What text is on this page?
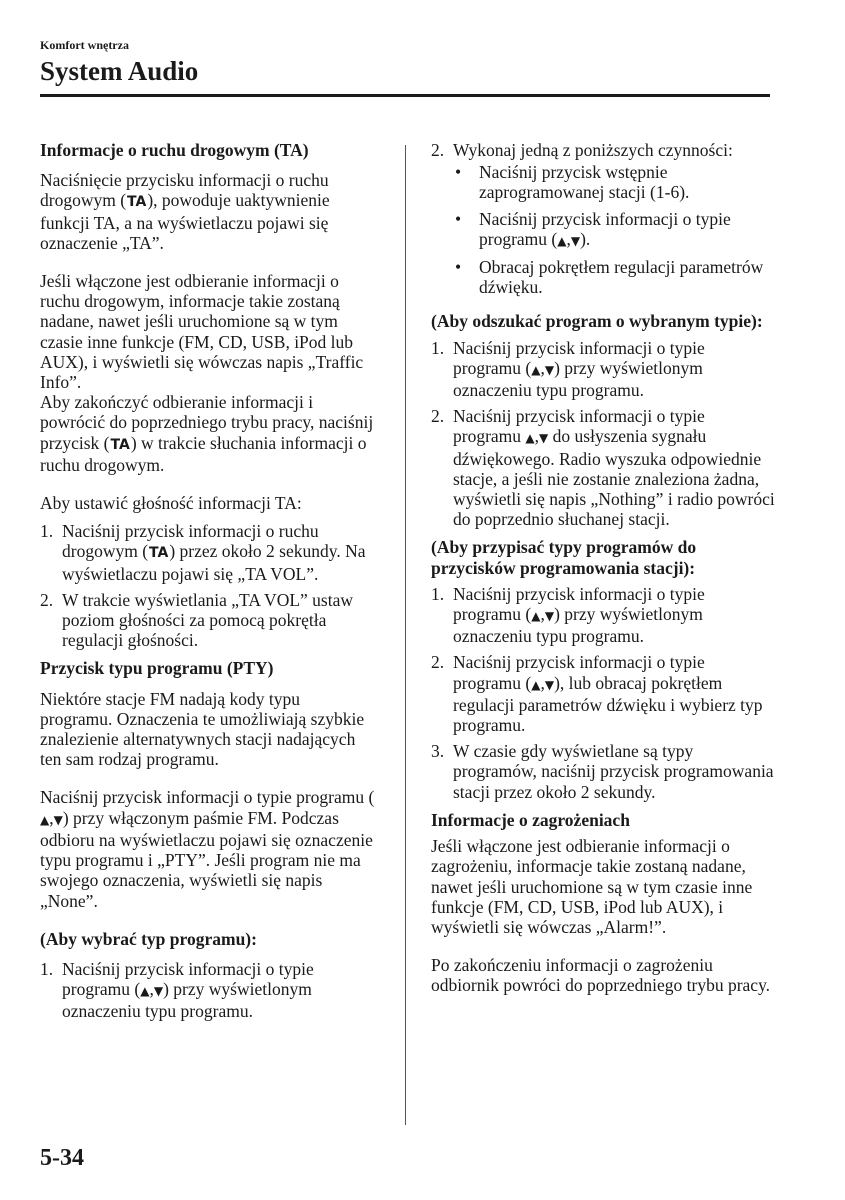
Komfort wnętrza
System Audio
Informacje o ruchu drogowym (TA)
Naciśnięcie przycisku informacji o ruchu drogowym (TA), powoduje uaktywnienie funkcji TA, a na wyświetlaczu pojawi się oznaczenie „TA”.
Jeśli włączone jest odbieranie informacji o ruchu drogowym, informacje takie zostaną nadane, nawet jeśli uruchomione są w tym czasie inne funkcje (FM, CD, USB, iPod lub AUX), i wyświetli się wówczas napis „Traffic Info”.
Aby zakończyć odbieranie informacji i powrócić do poprzedniego trybu pracy, naciśnij przycisk (TA) w trakcie słuchania informacji o ruchu drogowym.
Aby ustawić głośność informacji TA:
1. Naciśnij przycisk informacji o ruchu drogowym (TA) przez około 2 sekundy. Na wyświetlaczu pojawi się „TA VOL”.
2. W trakcie wyświetlania „TA VOL” ustaw poziom głośności za pomocą pokrętła regulacji głośności.
Przycisk typu programu (PTY)
Niektóre stacje FM nadają kody typu programu. Oznaczenia te umożliwiają szybkie znalezienie alternatywnych stacji nadających ten sam rodzaj programu.
Naciśnij przycisk informacji o typie programu (▲,▼) przy włączonym paśmie FM. Podczas odbioru na wyświetlaczu pojawi się oznaczenie typu programu i „PTY”. Jeśli program nie ma swojego oznaczenia, wyświetli się napis „None”.
(Aby wybrać typ programu):
1. Naciśnij przycisk informacji o typie programu (▲,▼) przy wyświetlonym oznaczeniu typu programu.
2. Wykonaj jedną z poniższych czynności:
•	Naciśnij przycisk wstępnie zaprogramowanej stacji (1-6).
•	Naciśnij przycisk informacji o typie programu (▲,▼).
•	Obracaj pokrętłem regulacji parametrów dźwięku.
(Aby odszukać program o wybranym typie):
1. Naciśnij przycisk informacji o typie programu (▲,▼) przy wyświetlonym oznaczeniu typu programu.
2. Naciśnij przycisk informacji o typie programu ▲,▼ do usłyszenia sygnału dźwiękowego. Radio wyszuka odpowiednie stacje, a jeśli nie zostanie znaleziona żadna, wyświetli się napis „Nothing” i radio powróci do poprzednio słuchanej stacji.
(Aby przypisać typy programów do przycisków programowania stacji):
1. Naciśnij przycisk informacji o typie programu (▲,▼) przy wyświetlonym oznaczeniu typu programu.
2. Naciśnij przycisk informacji o typie programu (▲,▼), lub obracaj pokrętłem regulacji parametrów dźwięku i wybierz typ programu.
3. W czasie gdy wyświetlane są typy programów, naciśnij przycisk programowania stacji przez około 2 sekundy.
Informacje o zagrożeniach
Jeśli włączone jest odbieranie informacji o zagrożeniu, informacje takie zostaną nadane, nawet jeśli uruchomione są w tym czasie inne funkcje (FM, CD, USB, iPod lub AUX), i wyświetli się wówczas „Alarm!”.
Po zakończeniu informacji o zagrożeniu odbiornik powróci do poprzedniego trybu pracy.
5-34
